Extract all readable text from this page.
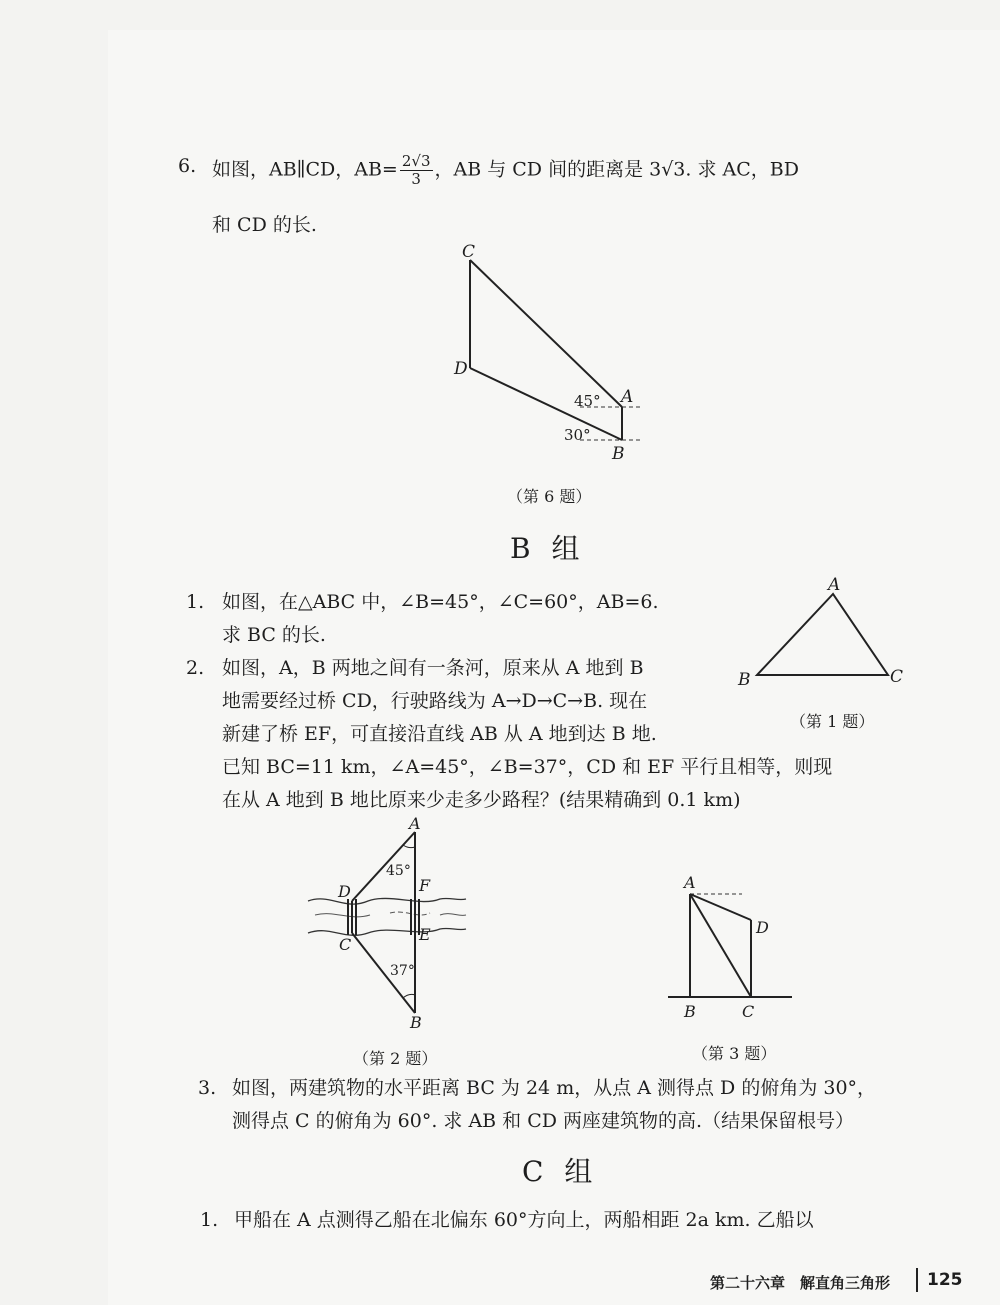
6. 如图，AB∥CD，$AB= \frac{2√3}{3}$ ，AB 与 CD 间的距离是 3√3. 求 AC，BD
和 CD 的长.
C
D
A
B
45°
30°
（第 6 题）
B 组
1. 如图，在△ABC 中，∠B=45°，∠C=60°，AB=6.
求 BC 的长.
A
B	C
（第 1 题）
2. 如图，A，B 两地之间有一条河，原来从 A 地到 B
地需要经过桥 CD，行驶路线为 A→D→C→B. 现在
新建了桥 EF，可直接沿直线 AB 从 A 地到达 B 地.
已知 BC=11 km，∠A=45°，∠B=37°，CD 和 EF 平行且相等，则现
在从 A 地到 B 地比原来少走多少路程？(结果精确到 0.1 km)
A
B
C
D
E
F
45°
37°
（第 2 题）
A
B	C
D
（第 3 题）
3. 如图，两建筑物的水平距离 BC 为 24 m，从点 A 测得点 D 的俯角为 30°，
测得点 C 的俯角为 60°. 求 AB 和 CD 两座建筑物的高.（结果保留根号）
C 组
1. 甲船在 A 点测得乙船在北偏东 60°方向上，两船相距 2a km. 乙船以
第二十六章　解直角三角形 125
